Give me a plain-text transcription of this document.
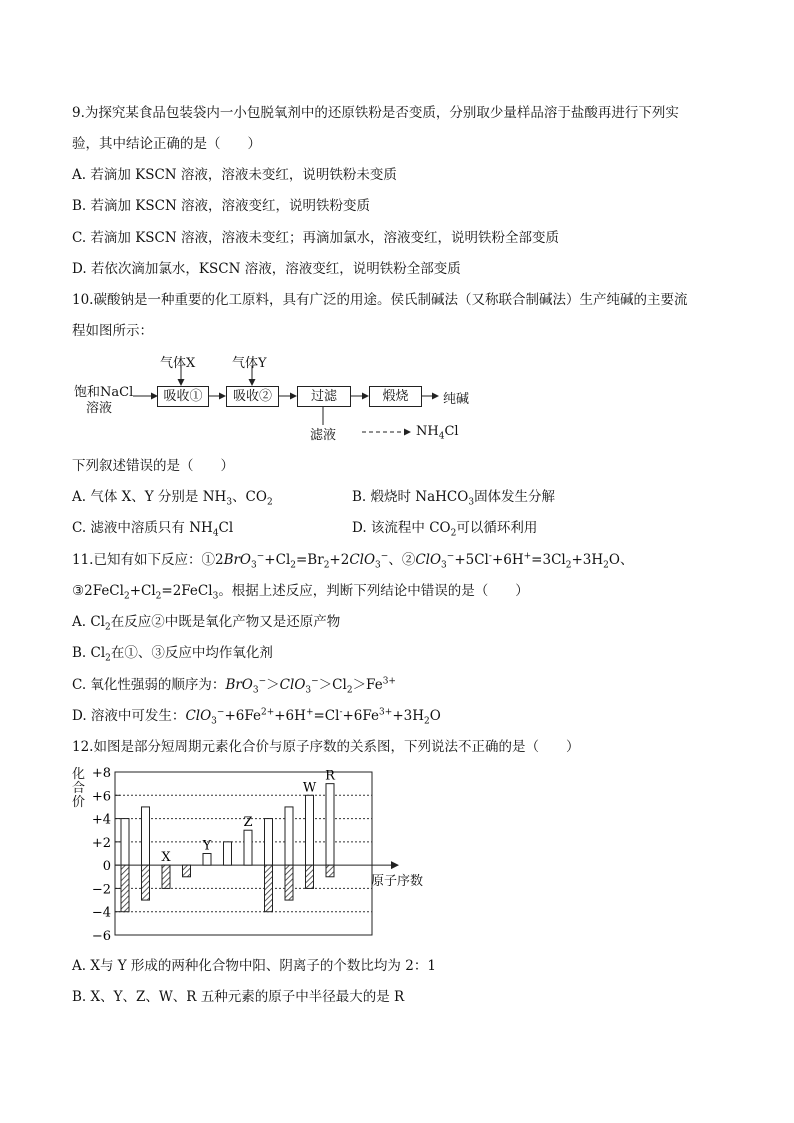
9.为探究某食品包装袋内一小包脱氧剂中的还原铁粉是否变质，分别取少量样品溶于盐酸再进行下列实
验，其中结论正确的是（　　）
A. 若滴加 KSCN 溶液，溶液未变红，说明铁粉未变质
B. 若滴加 KSCN 溶液，溶液变红，说明铁粉变质
C. 若滴加 KSCN 溶液，溶液未变红；再滴加氯水，溶液变红，说明铁粉全部变质
D. 若依次滴加氯水，KSCN 溶液，溶液变红，说明铁粉全部变质
10.碳酸钠是一种重要的化工原料，具有广泛的用途。侯氏制碱法（又称联合制碱法）生产纯碱的主要流
程如图所示：
饱和NaCl
溶液
气体X	气体Y
吸收①	吸收②	过滤	煅烧	纯碱
滤液	$NH_4Cl$
下列叙述错误的是（　　）
A. 气体 X、Y 分别是 $NH_3$、$CO_2$	B. 煅烧时 NaHCO$_3$固体发生分解
C. 滤液中溶质只有 $NH_4Cl$	D. 该流程中 $CO_2$可以循环利用
11.已知有如下反应：$①2BrO_3^-+Cl_2=Br_2+2ClO_3^-$、$②ClO_3^-+5Cl^-+6H^+=3Cl_2+3H_2O$、
$③2FeCl_2+Cl_2=2FeCl_3$。根据上述反应，判断下列结论中错误的是（　　）
A. $Cl_2$在反应②中既是氧化产物又是还原产物
B. $Cl_2$在①、③反应中均作氧化剂
C. 氧化性强弱的顺序为：$BrO_3^->ClO_3^->Cl_2>Fe^{3+}$
D. 溶液中可发生：$ClO_3^-+6Fe^{2+}+6H^+=Cl^-+6Fe^{3+}+3H_2O$
12.如图是部分短周期元素化合价与原子序数的关系图，下列说法不正确的是（　　）
化合价
+8
+6
+4
+2
0
−2
−4
−6
X
Y
Z
W
R
原子序数
A. X与 Y 形成的两种化合物中阳、阴离子的个数比均为 2：1
B. X、Y、Z、W、R 五种元素的原子中半径最大的是 R
